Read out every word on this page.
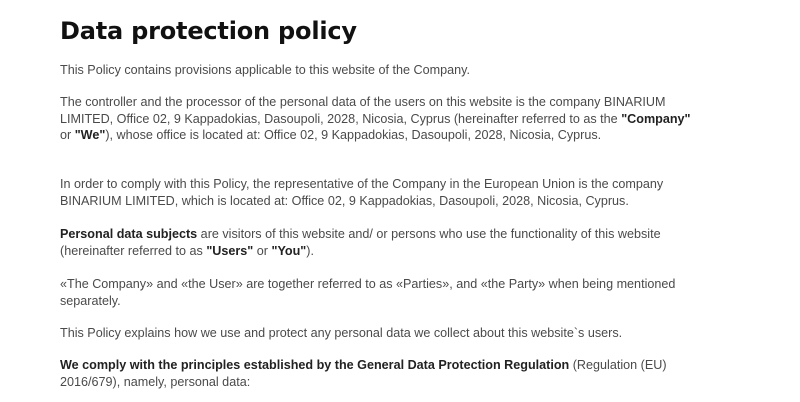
Data protection policy

This Policy contains provisions applicable to this website of the Company.

The controller and the processor of the personal data of the users on this website is the company BINARIUM LIMITED, Office 02, 9 Kappadokias, Dasoupoli, 2028, Nicosia, Cyprus (hereinafter referred to as the "Company" or "We"), whose office is located at: Office 02, 9 Kappadokias, Dasoupoli, 2028, Nicosia, Cyprus.

In order to comply with this Policy, the representative of the Company in the European Union is the company BINARIUM LIMITED, which is located at: Office 02, 9 Kappadokias, Dasoupoli, 2028, Nicosia, Cyprus.

Personal data subjects are visitors of this website and/ or persons who use the functionality of this website (hereinafter referred to as "Users" or "You").

«The Company» and «the User» are together referred to as «Parties», and «the Party» when being mentioned separately.

This Policy explains how we use and protect any personal data we collect about this website`s users.

We comply with the principles established by the General Data Protection Regulation (Regulation (EU) 2016/679), namely, personal data:
